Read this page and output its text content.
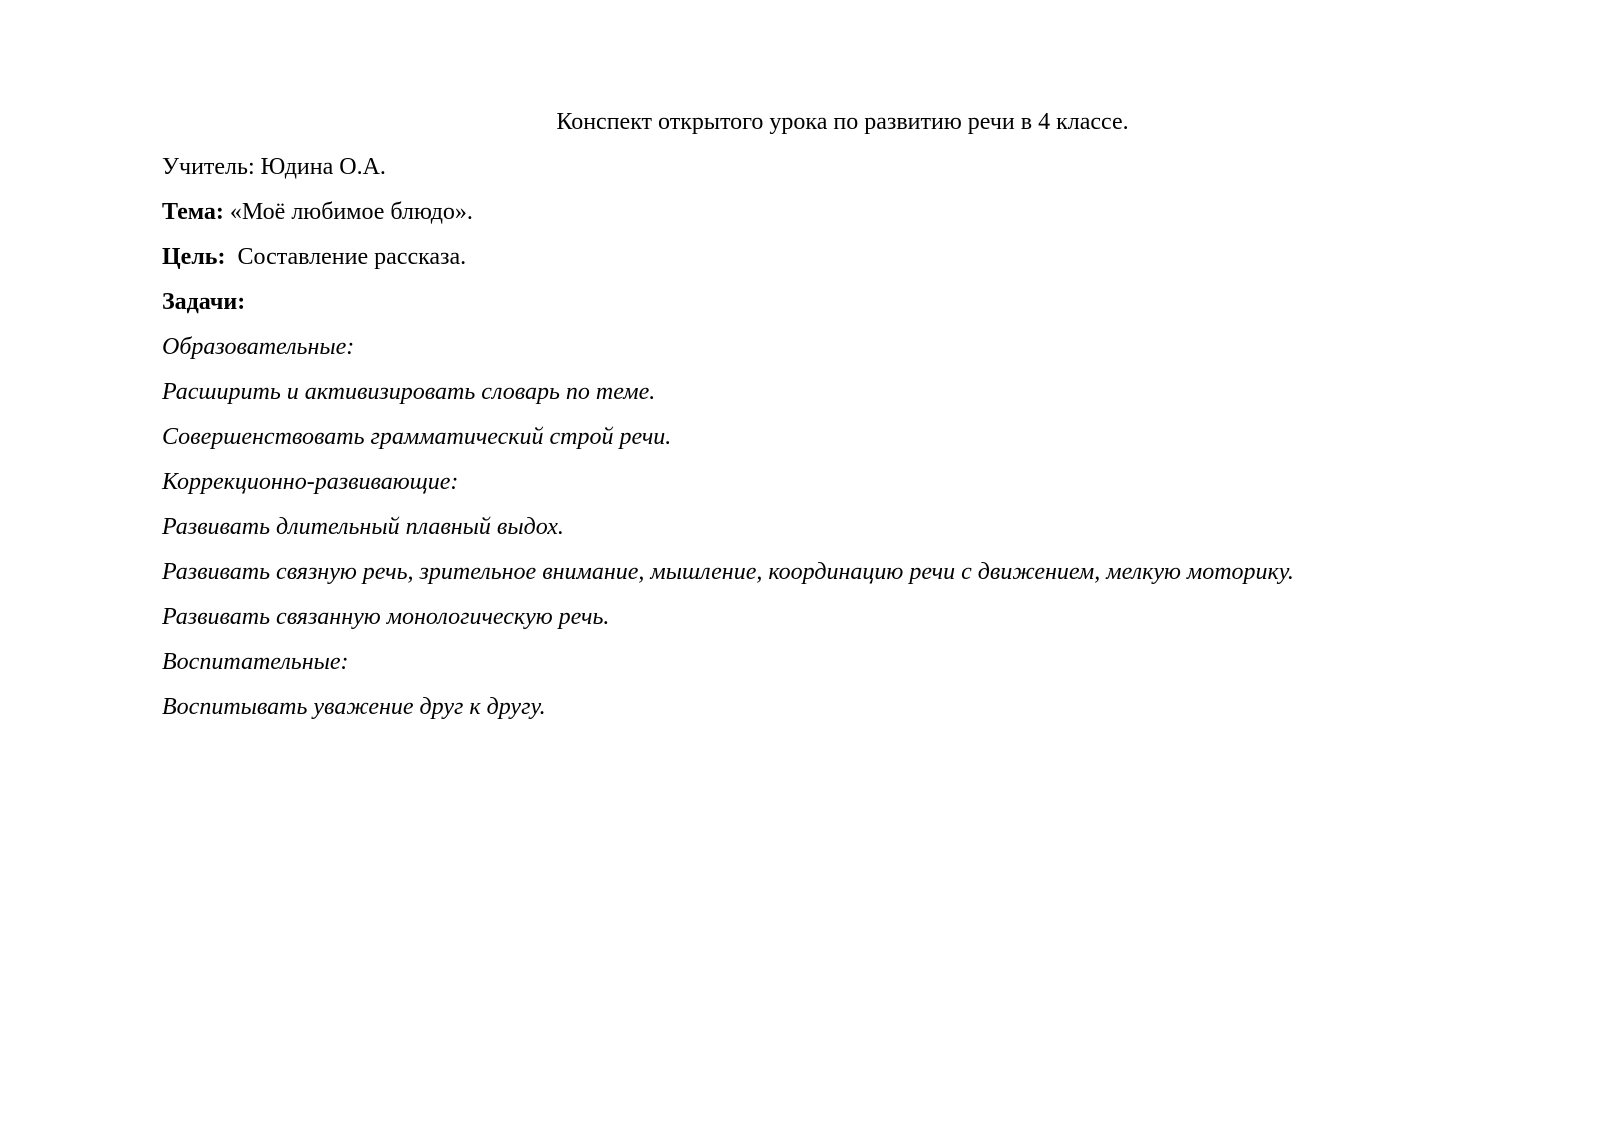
Конспект открытого урока по развитию речи в 4 классе.
Учитель: Юдина О.А.
Тема: «Моё любимое блюдо».
Цель:  Составление рассказа.
Задачи:
Образовательные:
Расширить и активизировать словарь по теме.
Совершенствовать грамматический строй речи.
Коррекционно-развивающие:
Развивать длительный плавный выдох.
Развивать связную речь, зрительное внимание, мышление, координацию речи с движением, мелкую моторику.
Развивать связанную монологическую речь.
Воспитательные:
Воспитывать уважение друг к другу.
